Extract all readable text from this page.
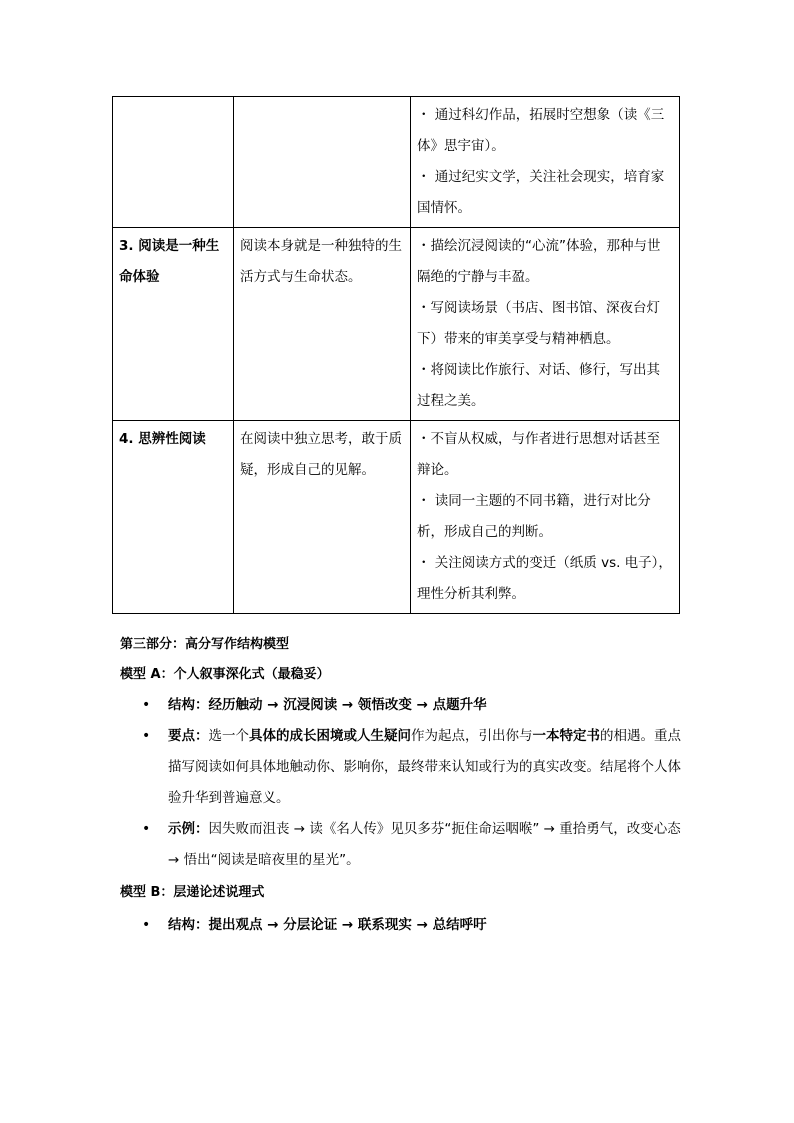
		・ 通过科幻作品，拓展时空想象（读《三体》思宇宙）。
・ 通过纪实文学，关注社会现实，培育家国情怀。

3. 阅读是一种生命体验	阅读本身就是一种独特的生活方式与生命状态。	・描绘沉浸阅读的“心流”体验，那种与世隔绝的宁静与丰盈。
・写阅读场景（书店、图书馆、深夜台灯下）带来的审美享受与精神栖息。
・将阅读比作旅行、对话、修行，写出其过程之美。

4. 思辨性阅读	在阅读中独立思考，敢于质疑，形成自己的见解。	・不盲从权威，与作者进行思想对话甚至辩论。
・ 读同一主题的不同书籍，进行对比分析，形成自己的判断。
・ 关注阅读方式的变迁（纸质 vs. 电子），理性分析其利弊。
第三部分：高分写作结构模型
模型 A：个人叙事深化式（最稳妥）
• 结构：经历触动 → 沉浸阅读 → 领悟改变 → 点题升华
• 要点：选一个具体的成长困境或人生疑问作为起点，引出你与一本特定书的相遇。重点描写阅读如何具体地触动你、影响你，最终带来认知或行为的真实改变。结尾将个人体验升华到普遍意义。
• 示例：因失败而沮丧 → 读《名人传》见贝多芬“扼住命运咽喉” → 重拾勇气，改变心态 → 悟出“阅读是暗夜里的星光”。
模型 B：层递论述说理式
• 结构：提出观点 → 分层论证 → 联系现实 → 总结呼吁
